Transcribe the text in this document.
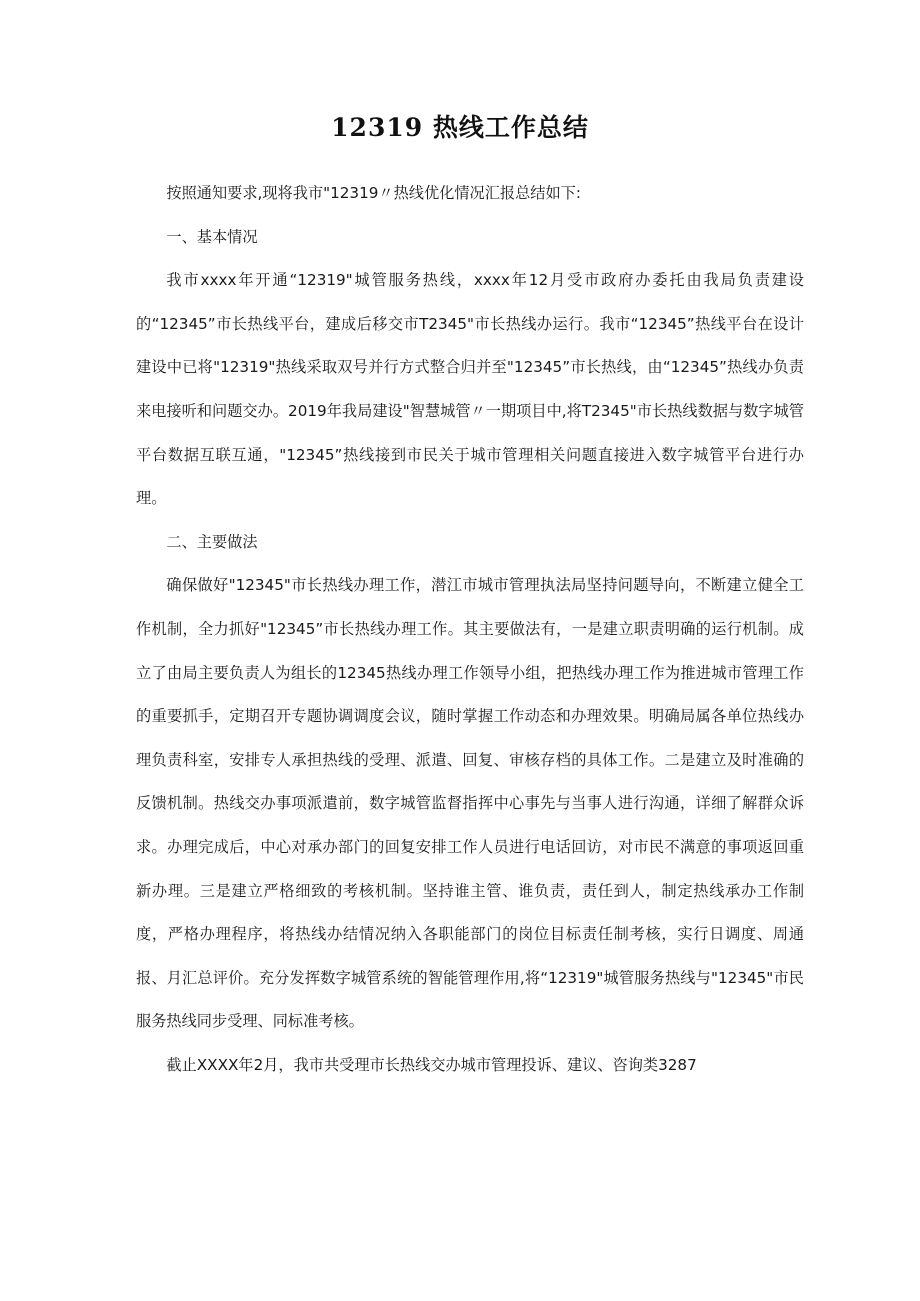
12319 热线工作总结

按照通知要求,现将我市"12319〃热线优化情况汇报总结如下:

一、基本情况

我市xxxx年开通“12319"城管服务热线，xxxx年12月受市政府办委托由我局负责建设的“12345”市长热线平台，建成后移交市T2345"市长热线办运行。我市“12345”热线平台在设计建设中已将"12319"热线采取双号并行方式整合归并至"12345”市长热线，由“12345”热线办负责来电接听和问题交办。2019年我局建设"智慧城管〃一期项目中,将T2345"市长热线数据与数字城管平台数据互联互通，"12345”热线接到市民关于城市管理相关问题直接进入数字城管平台进行办理。

二、主要做法

确保做好"12345"市长热线办理工作，潜江市城市管理执法局坚持问题导向，不断建立健全工作机制，全力抓好"12345”市长热线办理工作。其主要做法有，一是建立职责明确的运行机制。成立了由局主要负责人为组长的12345热线办理工作领导小组，把热线办理工作为推进城市管理工作的重要抓手，定期召开专题协调调度会议，随时掌握工作动态和办理效果。明确局属各单位热线办理负责科室，安排专人承担热线的受理、派遣、回复、审核存档的具体工作。二是建立及时准确的反馈机制。热线交办事项派遣前，数字城管监督指挥中心事先与当事人进行沟通，详细了解群众诉求。办理完成后，中心对承办部门的回复安排工作人员进行电话回访，对市民不满意的事项返回重新办理。三是建立严格细致的考核机制。坚持谁主管、谁负责，责任到人，制定热线承办工作制度，严格办理程序，将热线办结情况纳入各职能部门的岗位目标责任制考核，实行日调度、周通报、月汇总评价。充分发挥数字城管系统的智能管理作用,将“12319"城管服务热线与"12345"市民服务热线同步受理、同标准考核。

截止XXXX年2月，我市共受理市长热线交办城市管理投诉、建议、咨询类3287
